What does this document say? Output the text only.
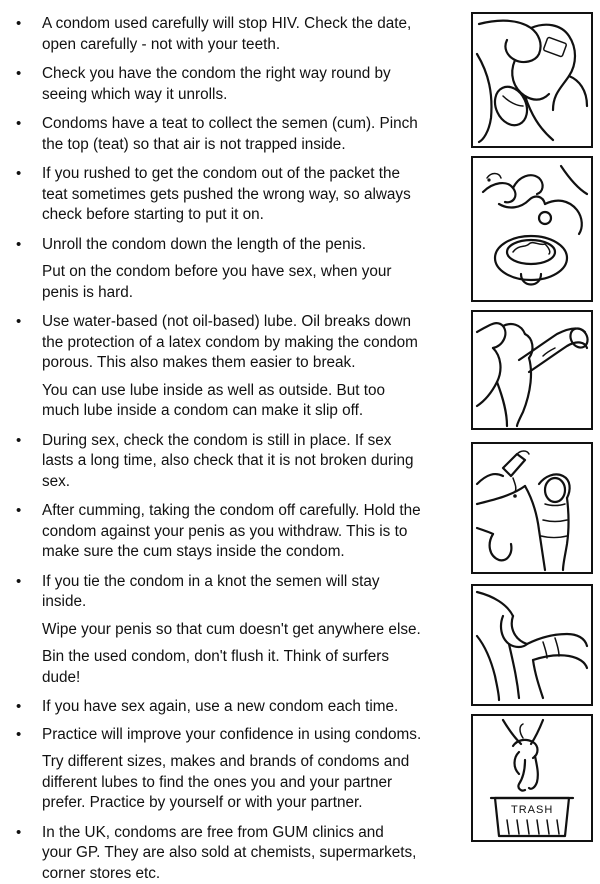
• A condom used carefully will stop HIV. Check the date,
open carefully - not with your teeth.
• Check you have the condom the right way round by
seeing which way it unrolls.
• Condoms have a teat to collect the semen (cum). Pinch
the top (teat) so that air is not trapped inside.
• If you rushed to get the condom out of the packet the
teat sometimes gets pushed the wrong way, so always
check before starting to put it on.
• Unroll the condom down the length of the penis.
Put on the condom before you have sex, when your
penis is hard.
• Use water-based (not oil-based) lube. Oil breaks down
the protection of a latex condom by making the condom
porous. This also makes them easier to break.
You can use lube inside as well as outside. But too
much lube inside a condom can make it slip off.
• During sex, check the condom is still in place. If sex
lasts a long time, also check that it is not broken during
sex.
• After cumming, taking the condom off carefully. Hold the
condom against your penis as you withdraw. This is to
make sure the cum stays inside the condom.
• If you tie the condom in a knot the semen will stay
inside.
Wipe your penis so that cum doesn't get anywhere else.
Bin the used condom, don't flush it. Think of surfers
dude!
• If you have sex again, use a new condom each time.
• Practice will improve your confidence in using condoms.
Try different sizes, makes and brands of condoms and
different lubes to find the ones you and your partner
prefer. Practice by yourself or with your partner.
• In the UK, condoms are free from GUM clinics and
your GP. They are also sold at chemists, supermarkets,
corner stores etc.
TRASH
